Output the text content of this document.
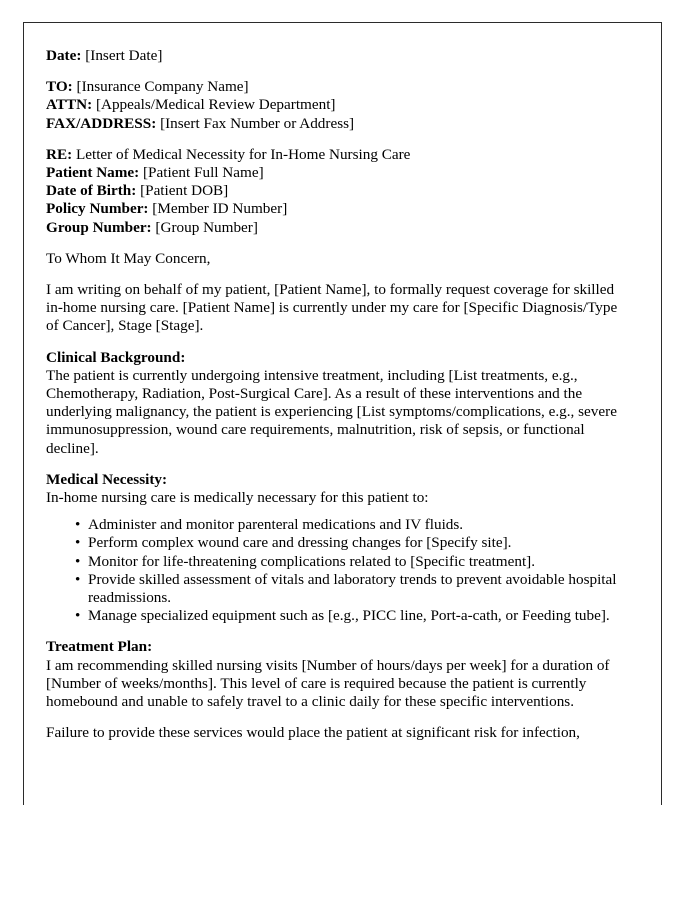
Date: [Insert Date]
TO: [Insurance Company Name]
ATTN: [Appeals/Medical Review Department]
FAX/ADDRESS: [Insert Fax Number or Address]
RE: Letter of Medical Necessity for In-Home Nursing Care
Patient Name: [Patient Full Name]
Date of Birth: [Patient DOB]
Policy Number: [Member ID Number]
Group Number: [Group Number]
To Whom It May Concern,
I am writing on behalf of my patient, [Patient Name], to formally request coverage for skilled in-home nursing care. [Patient Name] is currently under my care for [Specific Diagnosis/Type of Cancer], Stage [Stage].
Clinical Background:
The patient is currently undergoing intensive treatment, including [List treatments, e.g., Chemotherapy, Radiation, Post-Surgical Care]. As a result of these interventions and the underlying malignancy, the patient is experiencing [List symptoms/complications, e.g., severe immunosuppression, wound care requirements, malnutrition, risk of sepsis, or functional decline].
Medical Necessity:
In-home nursing care is medically necessary for this patient to:
• Administer and monitor parenteral medications and IV fluids.
• Perform complex wound care and dressing changes for [Specify site].
• Monitor for life-threatening complications related to [Specific treatment].
• Provide skilled assessment of vitals and laboratory trends to prevent avoidable hospital readmissions.
• Manage specialized equipment such as [e.g., PICC line, Port-a-cath, or Feeding tube].
Treatment Plan:
I am recommending skilled nursing visits [Number of hours/days per week] for a duration of [Number of weeks/months]. This level of care is required because the patient is currently homebound and unable to safely travel to a clinic daily for these specific interventions.
Failure to provide these services would place the patient at significant risk for infection,
